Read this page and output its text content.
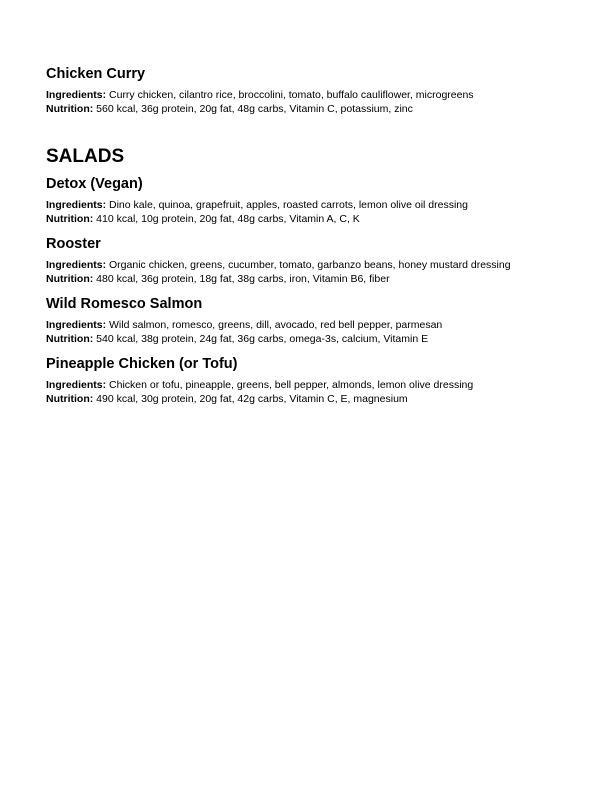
Chicken Curry
Ingredients: Curry chicken, cilantro rice, broccolini, tomato, buffalo cauliflower, microgreens
Nutrition: 560 kcal, 36g protein, 20g fat, 48g carbs, Vitamin C, potassium, zinc
SALADS
Detox (Vegan)
Ingredients: Dino kale, quinoa, grapefruit, apples, roasted carrots, lemon olive oil dressing
Nutrition: 410 kcal, 10g protein, 20g fat, 48g carbs, Vitamin A, C, K
Rooster
Ingredients: Organic chicken, greens, cucumber, tomato, garbanzo beans, honey mustard dressing
Nutrition: 480 kcal, 36g protein, 18g fat, 38g carbs, iron, Vitamin B6, fiber
Wild Romesco Salmon
Ingredients: Wild salmon, romesco, greens, dill, avocado, red bell pepper, parmesan
Nutrition: 540 kcal, 38g protein, 24g fat, 36g carbs, omega-3s, calcium, Vitamin E
Pineapple Chicken (or Tofu)
Ingredients: Chicken or tofu, pineapple, greens, bell pepper, almonds, lemon olive dressing
Nutrition: 490 kcal, 30g protein, 20g fat, 42g carbs, Vitamin C, E, magnesium
